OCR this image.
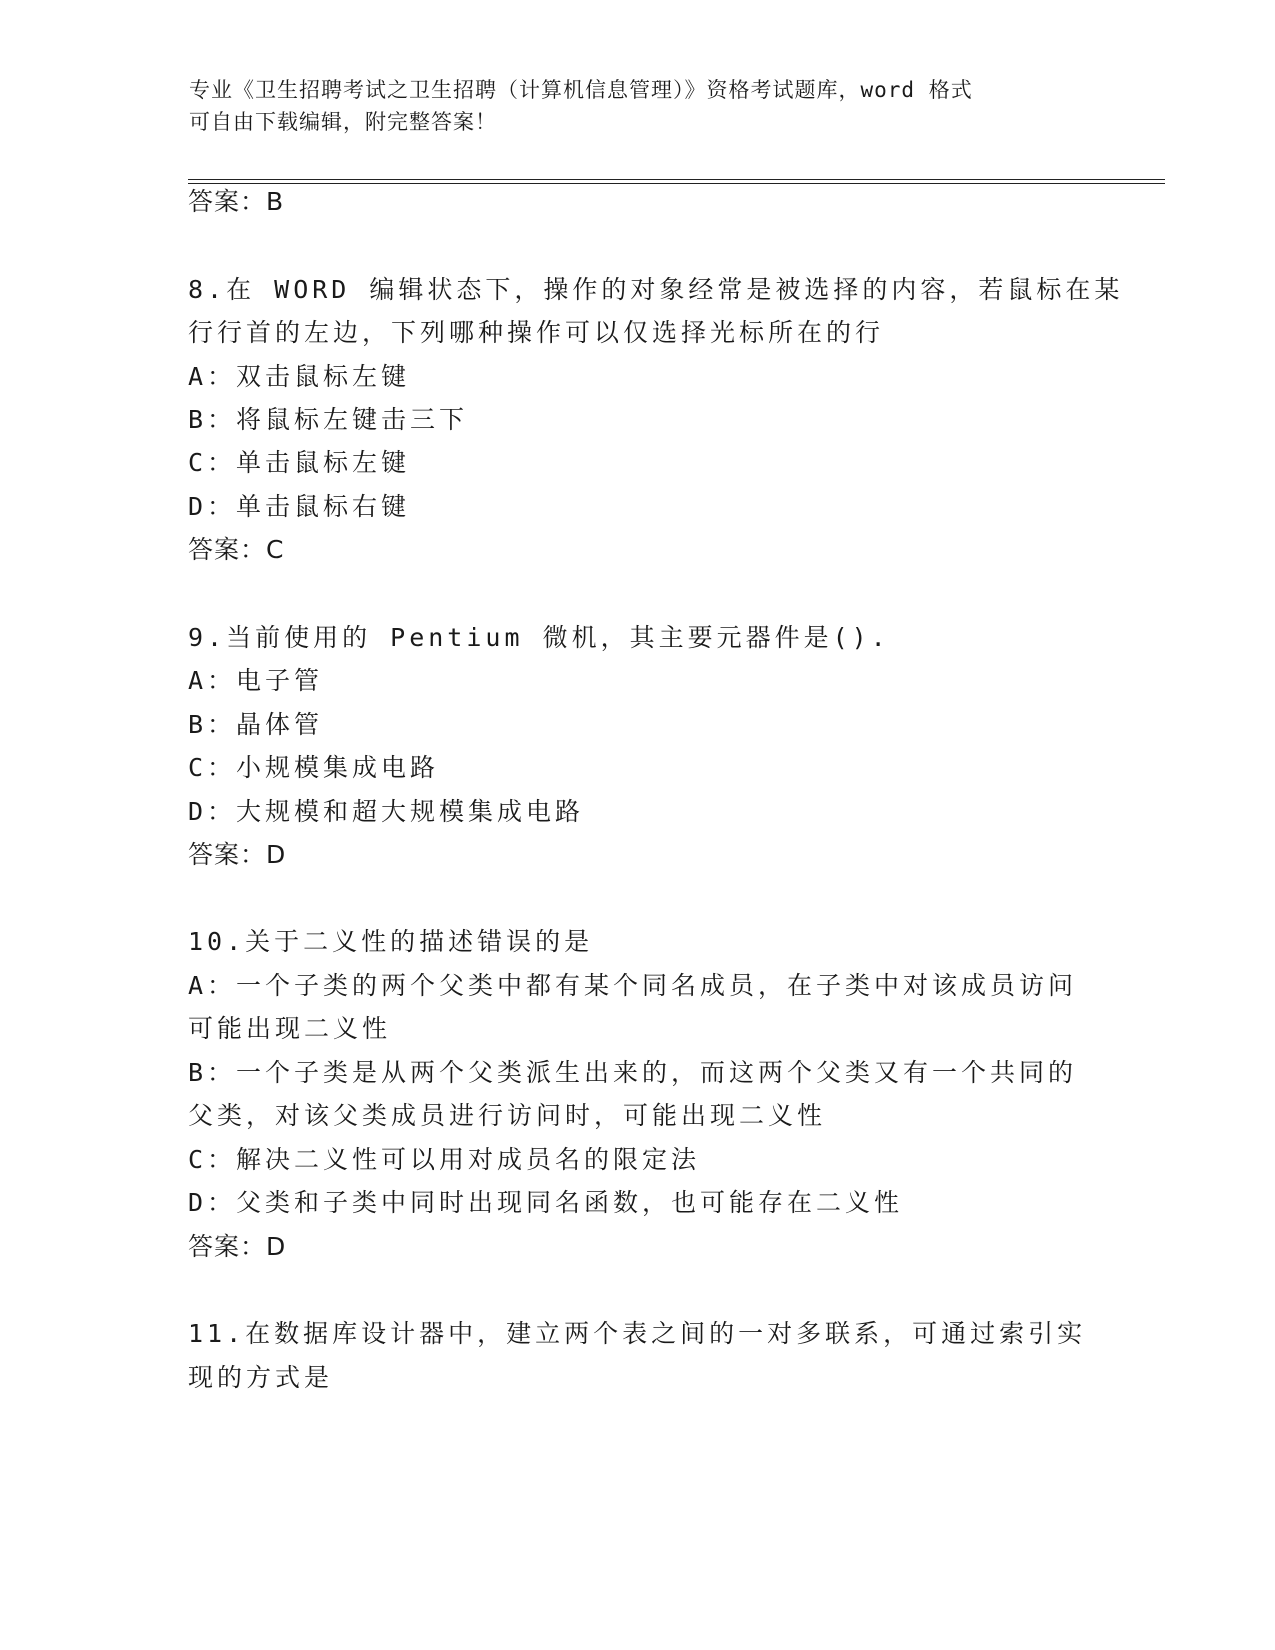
专业《卫生招聘考试之卫生招聘（计算机信息管理）》资格考试题库，word 格式
可自由下载编辑，附完整答案！
答案：B
8.在 WORD 编辑状态下，操作的对象经常是被选择的内容，若鼠标在某
行行首的左边，下列哪种操作可以仅选择光标所在的行
A：双击鼠标左键
B：将鼠标左键击三下
C：单击鼠标左键
D：单击鼠标右键
答案：C
9.当前使用的 Pentium 微机，其主要元器件是().
A：电子管
B：晶体管
C：小规模集成电路
D：大规模和超大规模集成电路
答案：D
10.关于二义性的描述错误的是
A：一个子类的两个父类中都有某个同名成员，在子类中对该成员访问
可能出现二义性
B：一个子类是从两个父类派生出来的，而这两个父类又有一个共同的
父类，对该父类成员进行访问时，可能出现二义性
C：解决二义性可以用对成员名的限定法
D：父类和子类中同时出现同名函数，也可能存在二义性
答案：D
11.在数据库设计器中，建立两个表之间的一对多联系，可通过索引实
现的方式是
